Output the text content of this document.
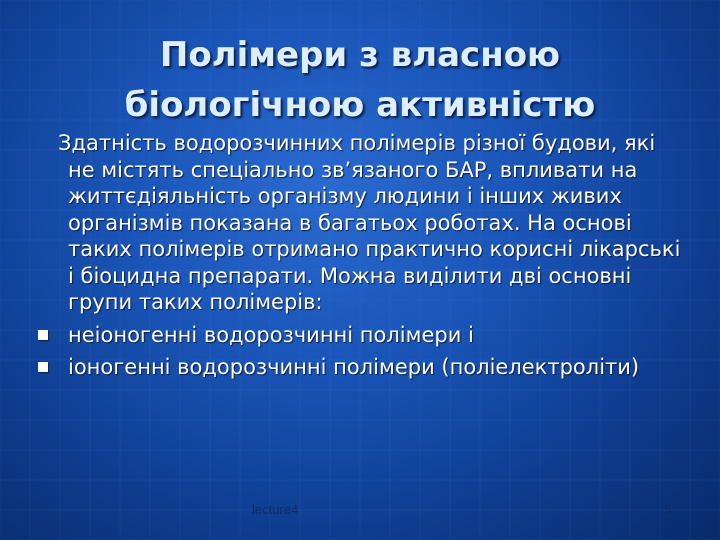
Полімери з власною
біологічною активністю

Здатність водорозчинних полімерів різної будови, які не містять спеціально зв’язаного БАР, впливати на життєдіяльність організму людини і інших живих організмів показана в багатьох роботах. На основі таких полімерів отримано практично корисні лікарські і біоцидна препарати. Можна виділити дві основні групи таких полімерів:

неіоногенні водорозчинні полімери і
іоногенні водорозчинні полімери (поліелектроліти)
lecture4	5
